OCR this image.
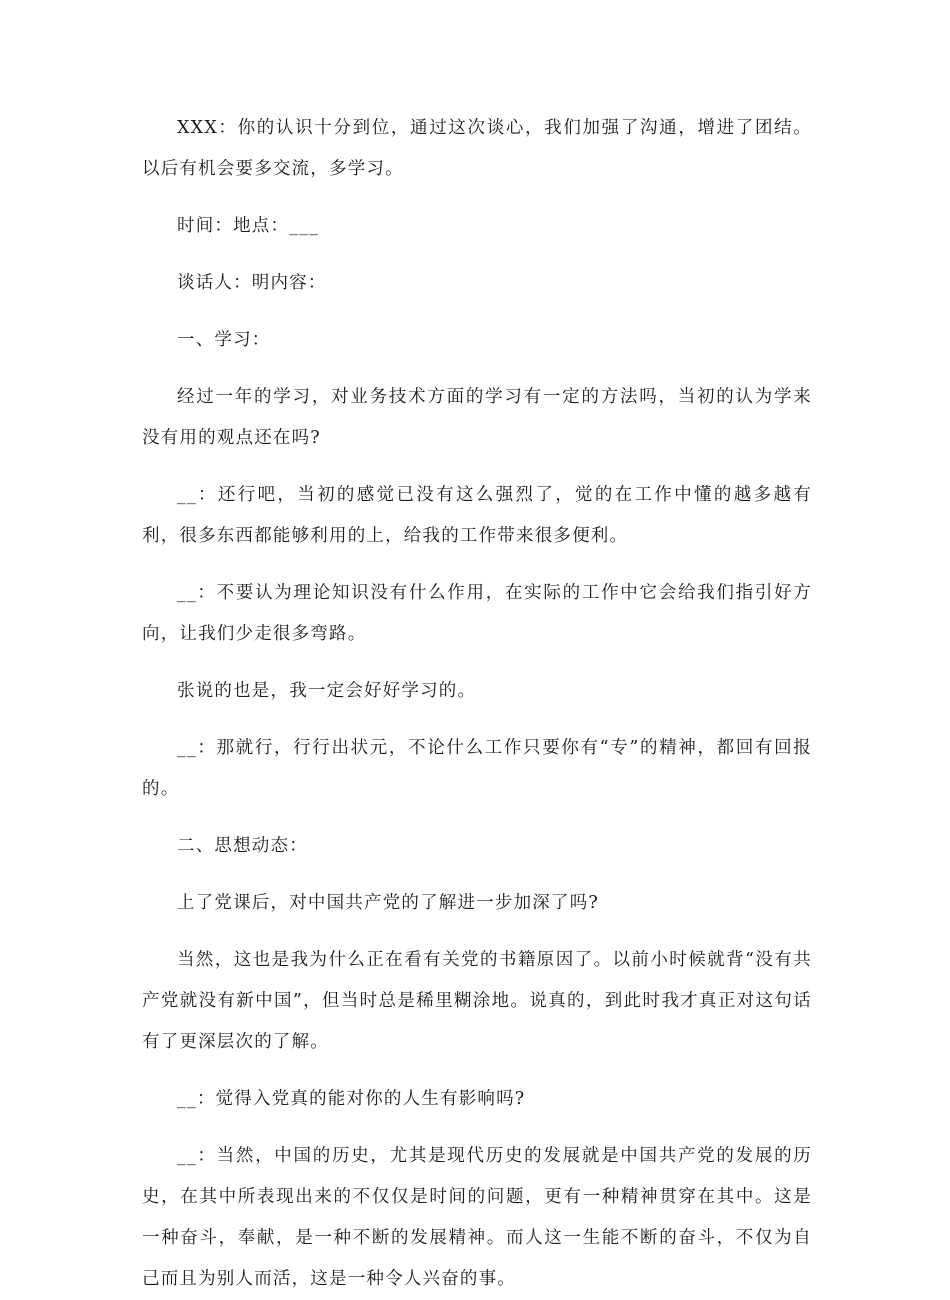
XXX：你的认识十分到位，通过这次谈心，我们加强了沟通，增进了团结。以后有机会要多交流，多学习。

时间：地点：___

谈话人：明内容：

一、学习：

经过一年的学习，对业务技术方面的学习有一定的方法吗，当初的认为学来没有用的观点还在吗?

__：还行吧，当初的感觉已没有这么强烈了，觉的在工作中懂的越多越有利，很多东西都能够利用的上，给我的工作带来很多便利。

__：不要认为理论知识没有什么作用，在实际的工作中它会给我们指引好方向，让我们少走很多弯路。

张说的也是，我一定会好好学习的。

__：那就行，行行出状元，不论什么工作只要你有“专”的精神，都回有回报的。

二、思想动态：

上了党课后，对中国共产党的了解进一步加深了吗?

当然，这也是我为什么正在看有关党的书籍原因了。以前小时候就背“没有共产党就没有新中国”，但当时总是稀里糊涂地。说真的，到此时我才真正对这句话有了更深层次的了解。

__：觉得入党真的能对你的人生有影响吗?

__：当然，中国的历史，尤其是现代历史的发展就是中国共产党的发展的历史，在其中所表现出来的不仅仅是时间的问题，更有一种精神贯穿在其中。这是一种奋斗，奉献，是一种不断的发展精神。而人这一生能不断的奋斗，不仅为自己而且为别人而活，这是一种令人兴奋的事。
